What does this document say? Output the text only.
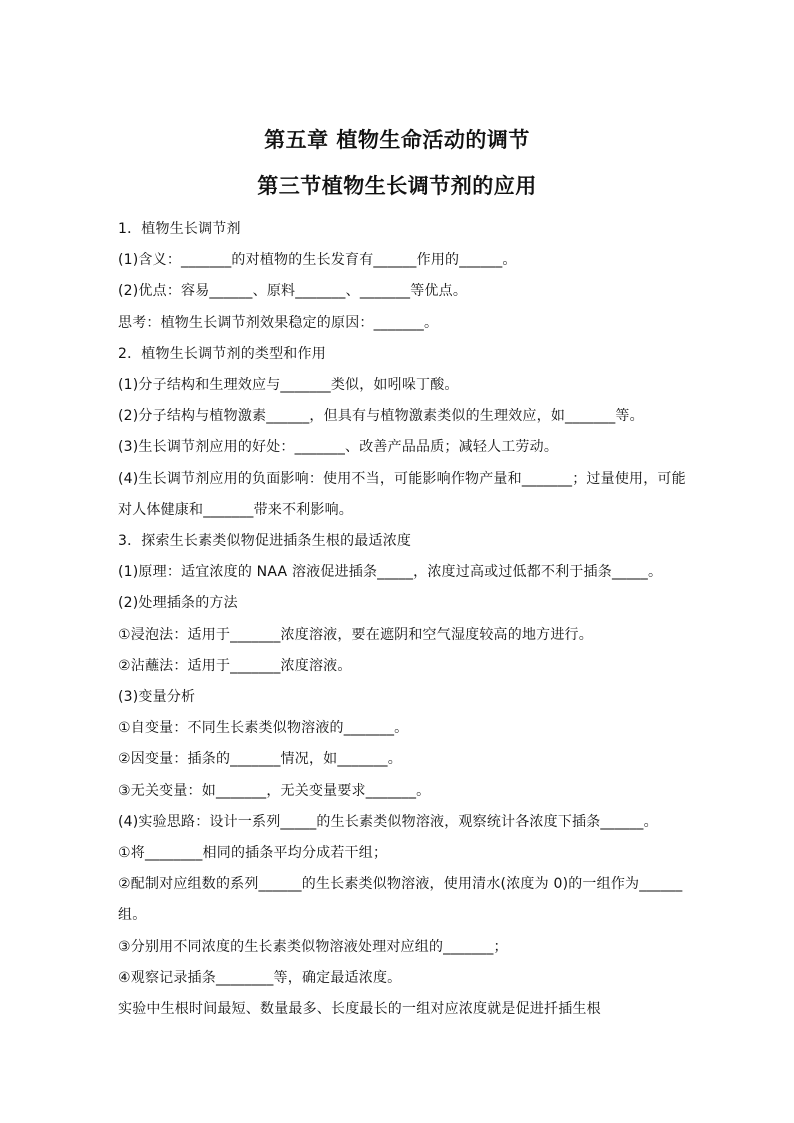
第五章 植物生命活动的调节
第三节植物生长调节剂的应用
1．植物生长调节剂
(1)含义：_______的对植物的生长发育有______作用的______。
(2)优点：容易______、原料_______、_______等优点。
思考：植物生长调节剂效果稳定的原因：_______。
2．植物生长调节剂的类型和作用
(1)分子结构和生理效应与_______类似，如吲哚丁酸。
(2)分子结构与植物激素______，但具有与植物激素类似的生理效应，如_______等。
(3)生长调节剂应用的好处：_______、改善产品品质；减轻人工劳动。
(4)生长调节剂应用的负面影响：使用不当，可能影响作物产量和_______；过量使用，可能
对人体健康和_______带来不利影响。
3．探索生长素类似物促进插条生根的最适浓度
(1)原理：适宜浓度的 NAA 溶液促进插条_____，浓度过高或过低都不利于插条_____。
(2)处理插条的方法
①浸泡法：适用于_______浓度溶液，要在遮阴和空气湿度较高的地方进行。
②沾蘸法：适用于_______浓度溶液。
(3)变量分析
①自变量：不同生长素类似物溶液的_______。
②因变量：插条的_______情况，如_______。
③无关变量：如_______，无关变量要求_______。
(4)实验思路：设计一系列_____的生长素类似物溶液，观察统计各浓度下插条______。
①将________相同的插条平均分成若干组；
②配制对应组数的系列______的生长素类似物溶液，使用清水(浓度为 0)的一组作为______
组。
③分别用不同浓度的生长素类似物溶液处理对应组的_______；
④观察记录插条________等，确定最适浓度。
实验中生根时间最短、数量最多、长度最长的一组对应浓度就是促进扦插生根
